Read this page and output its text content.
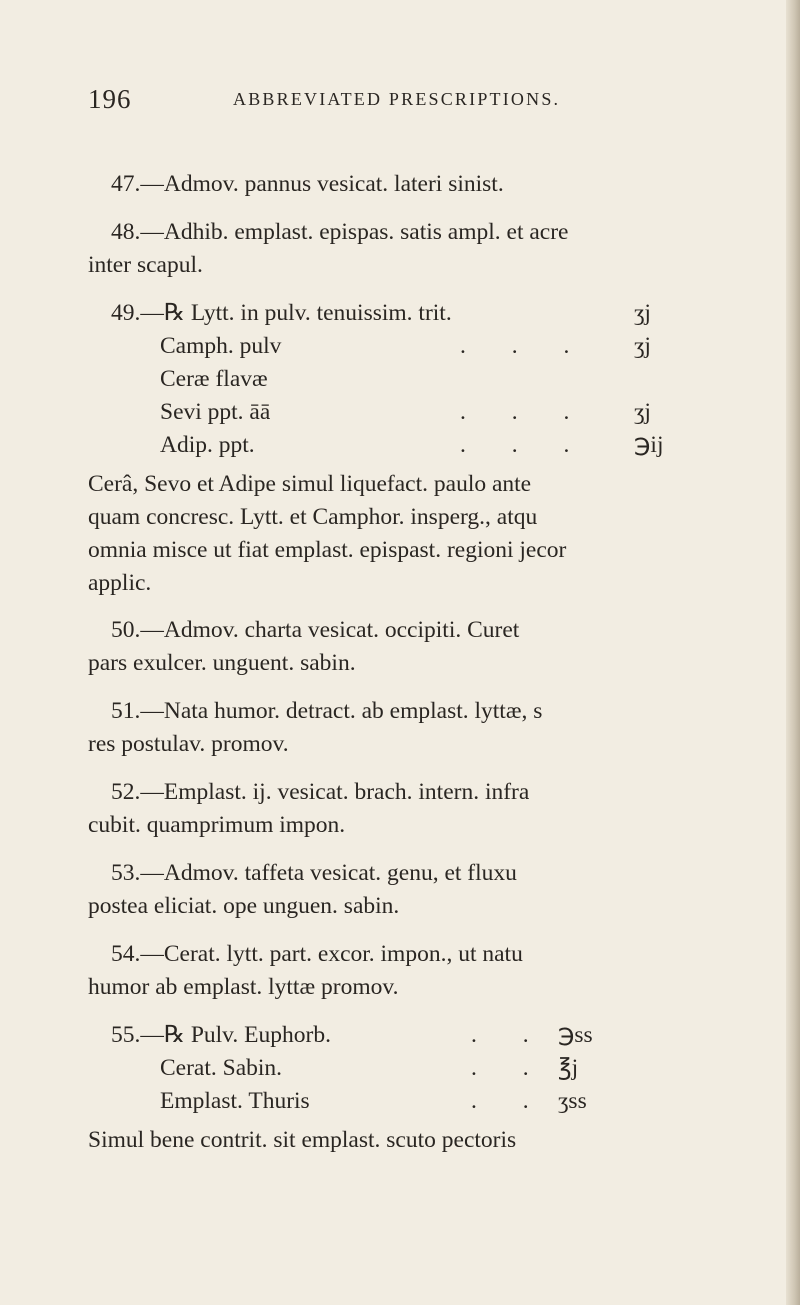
196	ABBREVIATED PRESCRIPTIONS.
47.—Admov. pannus vesicat. lateri sinist.
48.—Adhib. emplast. epispas. satis ampl. et acre
inter scapul.
49.—℞ Lytt. in pulv. tenuissim. trit.	ʒj
Camph. pulv	. . . ʒj
Ceræ flavæ
Sevi ppt. āā	. . . ʒj
Adip. ppt.	. . . ℈ij
Cerâ, Sevo et Adipe simul liquefact. paulo ante
quam concresc. Lytt. et Camphor. insperg., atqu
omnia misce ut fiat emplast. epispast. regioni jecor
applic.
50.—Admov. charta vesicat. occipiti. Curet
pars exulcer. unguent. sabin.
51.—Nata humor. detract. ab emplast. lyttæ, s
res postulav. promov.
52.—Emplast. ij. vesicat. brach. intern. infra
cubit. quamprimum impon.
53.—Admov. taffeta vesicat. genu, et fluxu
postea eliciat. ope unguen. sabin.
54.—Cerat. lytt. part. excor. impon., ut natu
humor ab emplast. lyttæ promov.
55.—℞ Pulv. Euphorb.	. . ℈ss
Cerat. Sabin.	. . ℥j
Emplast. Thuris	. . ʒss
Simul bene contrit. sit emplast. scuto pectoris
